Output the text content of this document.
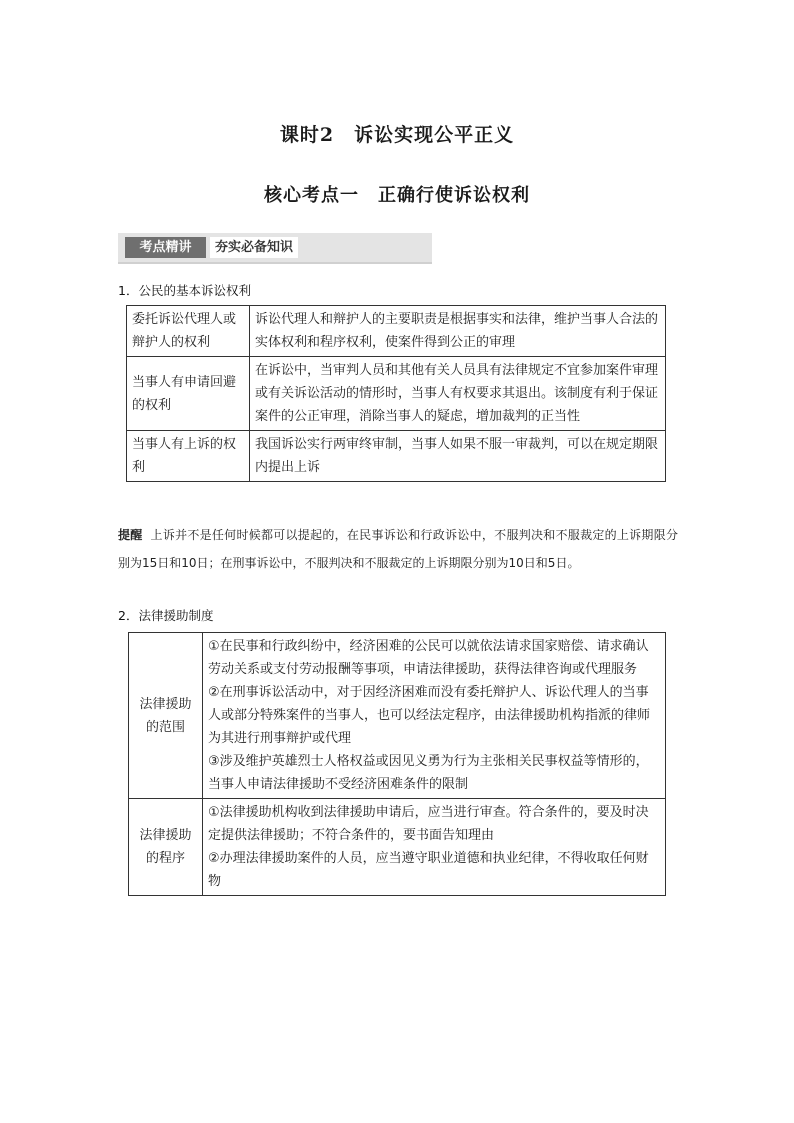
课时2　诉讼实现公平正义
核心考点一　正确行使诉讼权利
考点精讲	夯实必备知识
1．公民的基本诉讼权利
委托诉讼代理人或辩护人的权利	诉讼代理人和辩护人的主要职责是根据事实和法律，维护当事人合法的实体权利和程序权利，使案件得到公正的审理

当事人有申请回避的权利	在诉讼中，当审判人员和其他有关人员具有法律规定不宜参加案件审理或有关诉讼活动的情形时，当事人有权要求其退出。该制度有利于保证案件的公正审理，消除当事人的疑虑，增加裁判的正当性
当事人有上诉的权利	我国诉讼实行两审终审制，当事人如果不服一审裁判，可以在规定期限内提出上诉
提醒 上诉并不是任何时候都可以提起的，在民事诉讼和行政诉讼中，不服判决和不服裁定的上诉期限分别为15日和10日；在刑事诉讼中，不服判决和不服裁定的上诉期限分别为10日和5日。
2．法律援助制度
法律援助的范围	①在民事和行政纠纷中，经济困难的公民可以就依法请求国家赔偿、请求确认劳动关系或支付劳动报酬等事项，申请法律援助，获得法律咨询或代理服务
②在刑事诉讼活动中，对于因经济困难而没有委托辩护人、诉讼代理人的当事人或部分特殊案件的当事人，也可以经法定程序，由法律援助机构指派的律师为其进行刑事辩护或代理
③涉及维护英雄烈士人格权益或因见义勇为行为主张相关民事权益等情形的，当事人申请法律援助不受经济困难条件的限制

法律援助的程序	①法律援助机构收到法律援助申请后，应当进行审查。符合条件的，要及时决定提供法律援助；不符合条件的，要书面告知理由
②办理法律援助案件的人员，应当遵守职业道德和执业纪律，不得收取任何财物
